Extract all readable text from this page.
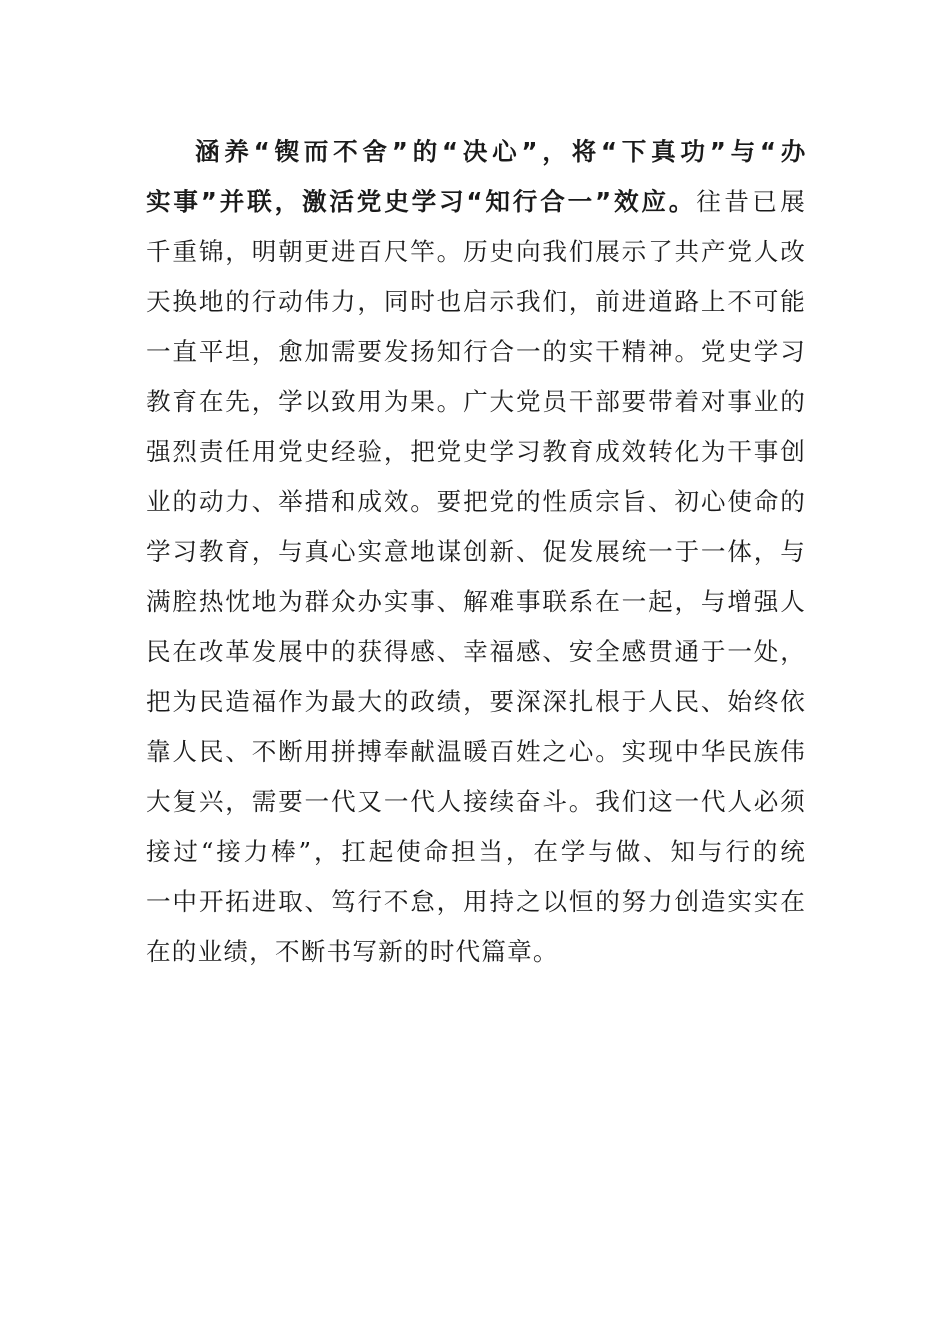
涵养“锲而不舍”的“决心”，将“下真功”与“办
实事”并联，激活党史学习“知行合一”效应。往昔已展
千重锦，明朝更进百尺竿。历史向我们展示了共产党人改
天换地的行动伟力，同时也启示我们，前进道路上不可能
一直平坦，愈加需要发扬知行合一的实干精神。党史学习
教育在先，学以致用为果。广大党员干部要带着对事业的
强烈责任用党史经验，把党史学习教育成效转化为干事创
业的动力、举措和成效。要把党的性质宗旨、初心使命的
学习教育，与真心实意地谋创新、促发展统一于一体，与
满腔热忱地为群众办实事、解难事联系在一起，与增强人
民在改革发展中的获得感、幸福感、安全感贯通于一处，
把为民造福作为最大的政绩，要深深扎根于人民、始终依
靠人民、不断用拼搏奉献温暖百姓之心。实现中华民族伟
大复兴，需要一代又一代人接续奋斗。我们这一代人必须
接过“接力棒”，扛起使命担当，在学与做、知与行的统
一中开拓进取、笃行不怠，用持之以恒的努力创造实实在
在的业绩，不断书写新的时代篇章。
